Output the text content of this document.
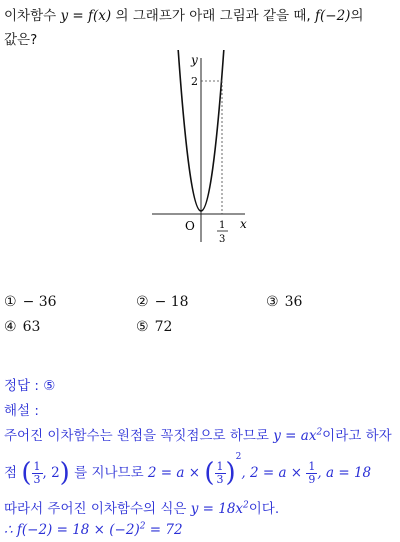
이차함수 y = f(x) 의 그래프가 아래 그림과 같을 때, f(−2)의
값은?
y
x
O
2
1
3
① − 36	② − 18	③ 36
④ 63	⑤ 72
정답 : ⑤
해설 :
주어진 이차함수는 원점을 꼭짓점으로 하므로 $y = ax^2$이라고 하자
점 ( $\frac{1}{3}$ , 2) 를 지나므로 2 = a × ( $\frac{1}{3} )^2$, $2 = a \times \frac{1}{9}$ , a = 18
따라서 주어진 이차함수의 식은 $y = 18x^2$이다.
∴ $f(-2) = 18 \times (-2)^2 = 72$
